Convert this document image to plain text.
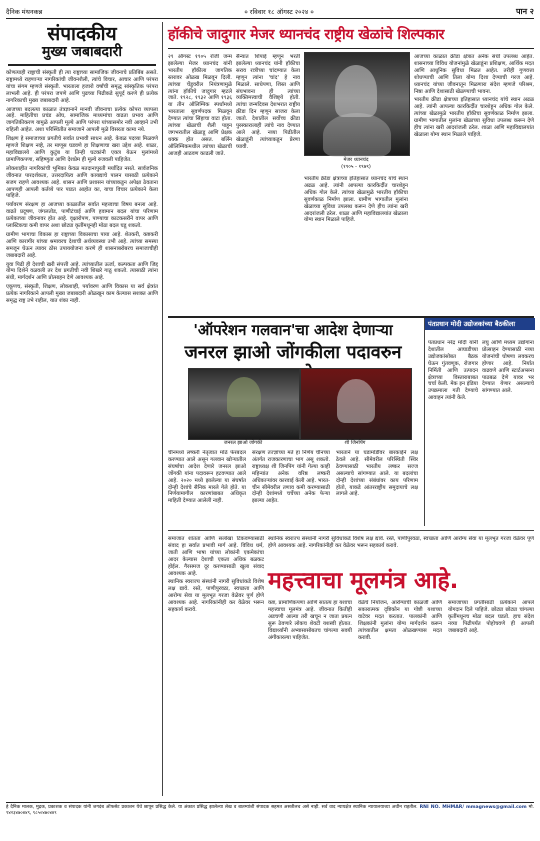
दैनिक मंथनकन्न	० रविवार १८ ऑगस्ट २०२४ ०	पान २
संपादकीय
मुख्य जबाबदारी

कोणत्याही राष्ट्राची संस्कृती ही त्या राष्ट्राच्या सामाजिक जीवनाचे प्रतिबिंब असते. राष्ट्रामध्ये राहणाऱ्या नागरिकांची जीवनशैली, त्यांचे विचार, आचार आणि परंपरा यांचा संगम म्हणजे संस्कृती. भारताला हजारो वर्षांची समृद्ध सांस्कृतिक परंपरा लाभली आहे. ही परंपरा जपणे आणि पुढच्या पिढीकडे सुपूर्द करणे ही प्रत्येक नागरिकाची मुख्य जबाबदारी आहे.

आजच्या बदलत्या काळात तंत्रज्ञानाने मानवी जीवनाचा प्रत्येक कोपरा व्यापला आहे. माहितीचा प्रचंड ओघ, सामाजिक माध्यमांचा वाढता प्रभाव आणि जागतिकीकरण यामुळे आपली मूल्ये आणि परंपरा यांच्यासमोर नवी आव्हाने उभी राहिली आहेत. अशा परिस्थितीत समाजाने आपली मुळे विसरता कामा नये.

शिक्षण हे समाजाच्या प्रगतीचे सर्वात प्रभावी साधन आहे. केवळ पदव्या मिळवणे म्हणजे शिक्षण नव्हे, तर माणूस घडवणे हा शिक्षणाचा खरा उद्देश आहे. शाळा, महाविद्यालये आणि कुटुंब या तिन्ही घटकांनी एकत्र येऊन मुलांमध्ये प्रामाणिकपणा, सहिष्णुता आणि देशप्रेम ही मूल्ये रुजवली पाहिजेत.

लोकशाहीत नागरिकांची भूमिका केवळ मतदानापुरती मर्यादित नसते. सार्वजनिक जीवनात पारदर्शकता, उत्तरदायित्व आणि कायद्याचे पालन यासाठी प्रत्येकाने सजग राहणे आवश्यक आहे. शासन आणि प्रशासन यांच्याकडून अपेक्षा ठेवताना आपणही आपली कर्तव्ये पार पाडत आहोत का, याचा विचार प्रत्येकाने केला पाहिजे.

पर्यावरण संरक्षण हा आजच्या काळातील सर्वात महत्त्वाचा विषय बनला आहे. वाढते प्रदूषण, जंगलतोड, पाणीटंचाई आणि हवामान बदल यांचा परिणाम प्रत्येकाच्या जीवनावर होत आहे. वृक्षारोपण, पाण्याचा काटकसरीने वापर आणि प्लास्टिकचा कमी वापर अशा छोट्या कृतींमधूनही मोठा बदल घडू शकतो.

ग्रामीण भागाचा विकास हा राष्ट्राच्या विकासाचा पाया आहे. शेतकरी, कष्टकरी आणि कारागीर यांच्या श्रमावरच देशाची अर्थव्यवस्था उभी आहे. त्यांच्या समस्या समजून घेऊन त्यावर ठोस उपाययोजना करणे ही शासनाबरोबरच समाजाचीही जबाबदारी आहे.

युवा पिढी ही देशाची खरी संपत्ती आहे. त्यांच्यातील ऊर्जा, कल्पकता आणि जिद्द योग्य दिशेने वळवली तर देश प्रगतीची नवी शिखरे गाठू शकतो. त्यासाठी त्यांना संधी, मार्गदर्शन आणि प्रोत्साहन देणे आवश्यक आहे.

एकूणच, संस्कृती, शिक्षण, लोकशाही, पर्यावरण आणि विकास या सर्व क्षेत्रांत प्रत्येक नागरिकाने आपली मुख्य जबाबदारी ओळखून काम केल्यास सशक्त आणि समृद्ध राष्ट्र उभे राहील, यात शंका नाही.

हॉकीचे जादुगार मेजर ध्यानचंद राष्ट्रीय खेळांचे शिल्पकार

२९ ऑगस्ट १९०५ रोजी जन्म झालेल्या मेजर ध्यानचंद यांनी भारतीय हॉकीला जागतिक स्तरावर ओळख मिळवून दिली. त्यांच्या चेंडूवरील नियंत्रणामुळे त्यांना हॉकीचे जादुगार म्हटले जाते. १९२८, १९३२ आणि १९३६ या तीन ऑलिम्पिक स्पर्धांमध्ये भारताला सुवर्णपदक मिळवून देण्यात त्यांचा सिंहाचा वाटा होता. त्यांच्या खेळाची शैली पाहून जगभरातील खेळाडू आणि प्रेक्षक थक्क होत असत. बर्लिन ऑलिम्पिकमधील त्यांच्या खेळाची आजही आठवण काढली जाते.

सैन्यात शिपाई म्हणून भरती झालेल्या ध्यानचंद यांनी हॉकीचा सराव रात्रीच्या चांदण्यात केला म्हणून त्यांना 'चांद' हे नाव मिळाले. साधेपणा, शिस्त आणि संघभावना ही त्यांच्या व्यक्तिमत्त्वाची वैशिष्ट्ये होती. त्यांचा जन्मदिवस देशभरात राष्ट्रीय क्रीडा दिन म्हणून साजरा केला जातो. देशातील सर्वोच्च क्रीडा पुरस्कारालाही त्यांचे नाव देण्यात आले आहे. नव्या पिढीतील खेळाडूंनी त्यांच्याकडून प्रेरणा घ्यावी.

मेजर ध्यानचंद
(१९०५ - १९७९)

भारतीय क्रीडा क्षेत्राच्या इतिहासात ध्यानचंद यांचे स्थान अढळ आहे. त्यांनी आपल्या कारकिर्दीत चारशेहून अधिक गोल केले. त्यांच्या खेळामुळे भारतीय हॉकीचा सुवर्णकाळ निर्माण झाला. ग्रामीण भागातील मुलांना खेळाच्या सुविधा उपलब्ध करून देणे हीच त्यांना खरी आदरांजली ठरेल. शाळा आणि महाविद्यालयांत खेळाला योग्य स्थान मिळाले पाहिजे.

आजच्या काळात क्रीडा क्षेत्रात अनेक संधी उपलब्ध आहेत. शासनाच्या विविध योजनांमुळे खेळाडूंना प्रशिक्षण, आर्थिक मदत आणि आधुनिक सुविधा मिळत आहेत. तरीही गुणवत्ता शोधण्याची आणि तिला योग्य दिशा देण्याची गरज आहे. ध्यानचंद यांच्या जीवनातून मिळणारा संदेश म्हणजे परिश्रम, निष्ठा आणि देशासाठी खेळण्याची भावना.

भारतीय क्रीडा क्षेत्राच्या इतिहासात ध्यानचंद यांचे स्थान अढळ आहे. त्यांनी आपल्या कारकिर्दीत चारशेहून अधिक गोल केले. त्यांच्या खेळामुळे भारतीय हॉकीचा सुवर्णकाळ निर्माण झाला. ग्रामीण भागातील मुलांना खेळाच्या सुविधा उपलब्ध करून देणे हीच त्यांना खरी आदरांजली ठरेल. शाळा आणि महाविद्यालयांत खेळाला योग्य स्थान मिळाले पाहिजे.

'ऑपरेशन गलवान'चा आदेश देणाऱ्या
जनरल झाओ जोंगकीला पदावरुन
जनरल झाओ जोंगकी	शी जिनपिंग

चीनमध्ये लष्करी नेतृत्वात मोठे फेरबदल करण्यात आले असून गलवान खोऱ्यातील संघर्षाचा आदेश देणारे जनरल झाओ जोंगकी यांना पदावरून हटवण्यात आले आहे. २०२० मध्ये झालेल्या या संघर्षात दोन्ही देशांचे सैनिक मारले गेले होते. या निर्णयामागील कारणांबाबत अधिकृत माहिती देण्यात आलेली नाही.

संरक्षण तज्ज्ञांच्या मते हा निर्णय चीनच्या अंतर्गत राजकारणाचा भाग असू शकतो. राष्ट्राध्यक्ष शी जिनपिंग यांनी गेल्या काही महिन्यांत अनेक वरिष्ठ लष्करी अधिकाऱ्यांवर कारवाई केली आहे. भारत-चीन सीमेवरील तणाव कमी करण्यासाठी दोन्ही देशांमध्ये चर्चेच्या अनेक फेऱ्या झाल्या आहेत.

भारताने या घडामोडींवर बारकाईने लक्ष ठेवले आहे. सीमेवरील परिस्थिती स्थिर ठेवण्यासाठी भारतीय लष्कर सज्ज असल्याचे सांगण्यात आले. या बदलांचा दोन्ही देशांच्या संबंधांवर काय परिणाम होतो, याकडे आंतरराष्ट्रीय समुदायाचे लक्ष लागले आहे.

पंतप्रधान मोदी उद्योजकांच्या बैठकीला

पंतप्रधान नरेंद्र मोदी यांनी देशातील आघाडीच्या उद्योजकांसोबत बैठक घेऊन गुंतवणूक, रोजगार निर्मिती आणि उत्पादन क्षेत्राच्या विस्ताराबाबत चर्चा केली. मेक इन इंडिया उपक्रमाला गती देण्याचे आवाहन त्यांनी केले.

लघु आणि मध्यम उद्योगांना प्रोत्साहन देण्यासाठी नव्या योजनांची घोषणा लवकरच होणार आहे. निर्यात वाढवणे आणि स्टार्टअप्सना पाठबळ देणे यावर भर देण्यात येणार असल्याचे सांगण्यात आले.

समाजात शांतता आणि सलोखा टिकवण्यासाठी संवाद हा सर्वात प्रभावी मार्ग आहे. विविध धर्म, जाती आणि भाषा यांच्या लोकांनी एकमेकांचा आदर केल्यास देशाची एकता अधिक बळकट होईल. गैरसमज दूर करण्यासाठी खुला संवाद आवश्यक आहे.

स्थानिक स्वराज्य संस्थांनी नागरी सुविधांकडे विशेष लक्ष द्यावे. रस्ते, पाणीपुरवठा, स्वच्छता आणि आरोग्य सेवा या मूलभूत गरजा वेळेवर पूर्ण होणे आवश्यक आहे. नागरिकांनीही कर वेळेवर भरून सहकार्य करावे.

स्थानिक स्वराज्य संस्थांनी नागरी सुविधांकडे विशेष लक्ष द्यावे. रस्ते, पाणीपुरवठा, स्वच्छता आणि आरोग्य सेवा या मूलभूत गरजा वेळेवर पूर्ण होणे आवश्यक आहे. नागरिकांनीही कर वेळेवर भरून सहकार्य करावे.

महत्त्वाचा मूलमंत्र आहे.

कष्ट, प्रामाणिकपणा आणि सातत्य हा यशाचा महत्त्वाचा मूलमंत्र आहे. जीवनात कितीही अडचणी आल्या तरी खचून न जाता प्रयत्न सुरू ठेवणारे लोकच शेवटी यशस्वी होतात. विद्यार्थ्यांनी अभ्यासासोबतच चांगल्या सवयी अंगीकारल्या पाहिजेत.

वेळेचे नियोजन, आरोग्याची काळजी आणि सकारात्मक दृष्टिकोन या गोष्टी यशाच्या वाटेवर मदत करतात. पालकांनी आणि शिक्षकांनी मुलांना योग्य मार्गदर्शन करून त्यांच्यातील क्षमता ओळखण्यास मदत करावी.

समाजाच्या प्रगतीसाठी प्रत्येकाने आपले योगदान दिले पाहिजे. छोट्या छोट्या चांगल्या कृतींमधूनच मोठा बदल घडतो. हाच संदेश नव्या पिढीपर्यंत पोहोचवणे ही आपली जबाबदारी आहे.

हे दैनिक मालक, मुद्रक, प्रकाशक व संपादक यांनी जगदंब ऑफसेट प्रकाशन येथे छापून प्रसिद्ध केले. या अंकात प्रसिद्ध झालेल्या लेख व बातम्यांशी संपादक सहमत असतीलच असे नाही. सर्व वाद न्यायक्षेत्र स्थानिक न्यायालयाच्या अधीन राहतील. RNI NO. MHMAR/ mmagnews@gmail.com मो. ९४२३४७०४४९, ९८५०४७०४४९
